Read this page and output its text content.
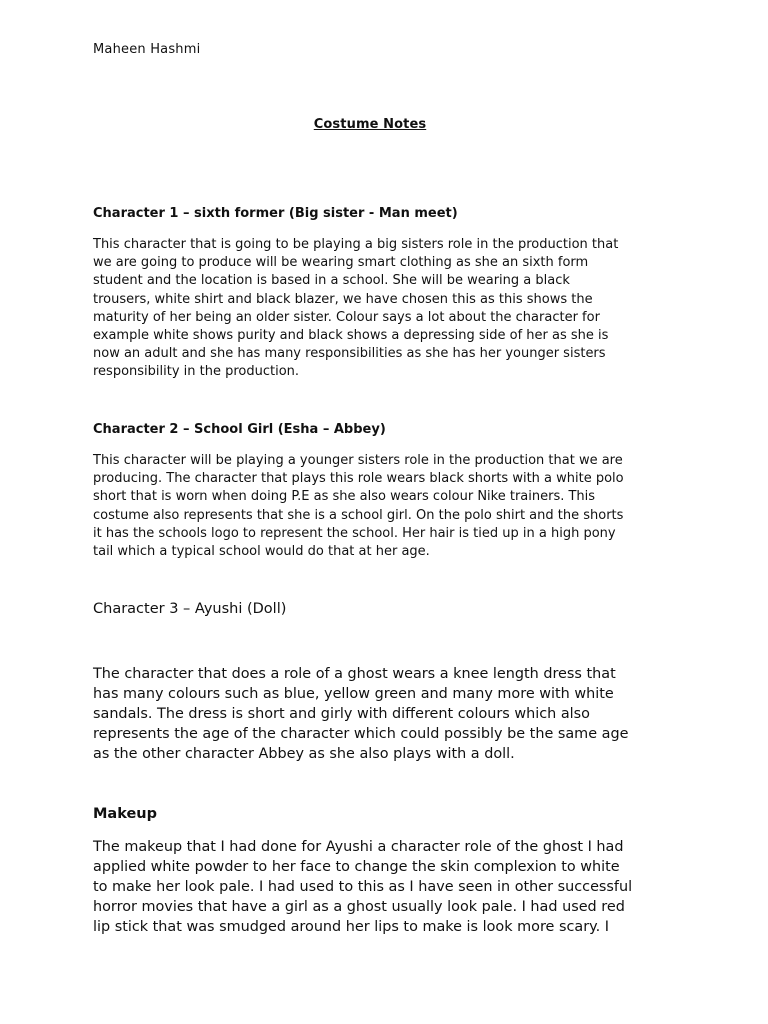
Maheen Hashmi
Costume Notes
Character 1 – sixth former (Big sister - Man meet)
This character that is going to be playing a big sisters role in the production that
we are going to produce will be wearing smart clothing as she an sixth form
student and the location is based in a school. She will be wearing a black
trousers, white shirt and black blazer, we have chosen this as this shows the
maturity of her being an older sister. Colour says a lot about the character for
example white shows purity and black shows a depressing side of her as she is
now an adult and she has many responsibilities as she has her younger sisters
responsibility in the production.
Character 2 – School Girl (Esha – Abbey)
This character will be playing a younger sisters role in the production that we are
producing. The character that plays this role wears black shorts with a white polo
short that is worn when doing P.E as she also wears colour Nike trainers. This
costume also represents that she is a school girl. On the polo shirt and the shorts
it has the schools logo to represent the school. Her hair is tied up in a high pony
tail which a typical school would do that at her age.
Character 3 – Ayushi (Doll)
The character that does a role of a ghost wears a knee length dress that
has many colours such as blue, yellow green and many more with white
sandals. The dress is short and girly with different colours which also
represents the age of the character which could possibly be the same age
as the other character Abbey as she also plays with a doll.
Makeup
The makeup that I had done for Ayushi a character role of the ghost I had
applied white powder to her face to change the skin complexion to white
to make her look pale. I had used to this as I have seen in other successful
horror movies that have a girl as a ghost usually look pale. I had used red
lip stick that was smudged around her lips to make is look more scary. I
